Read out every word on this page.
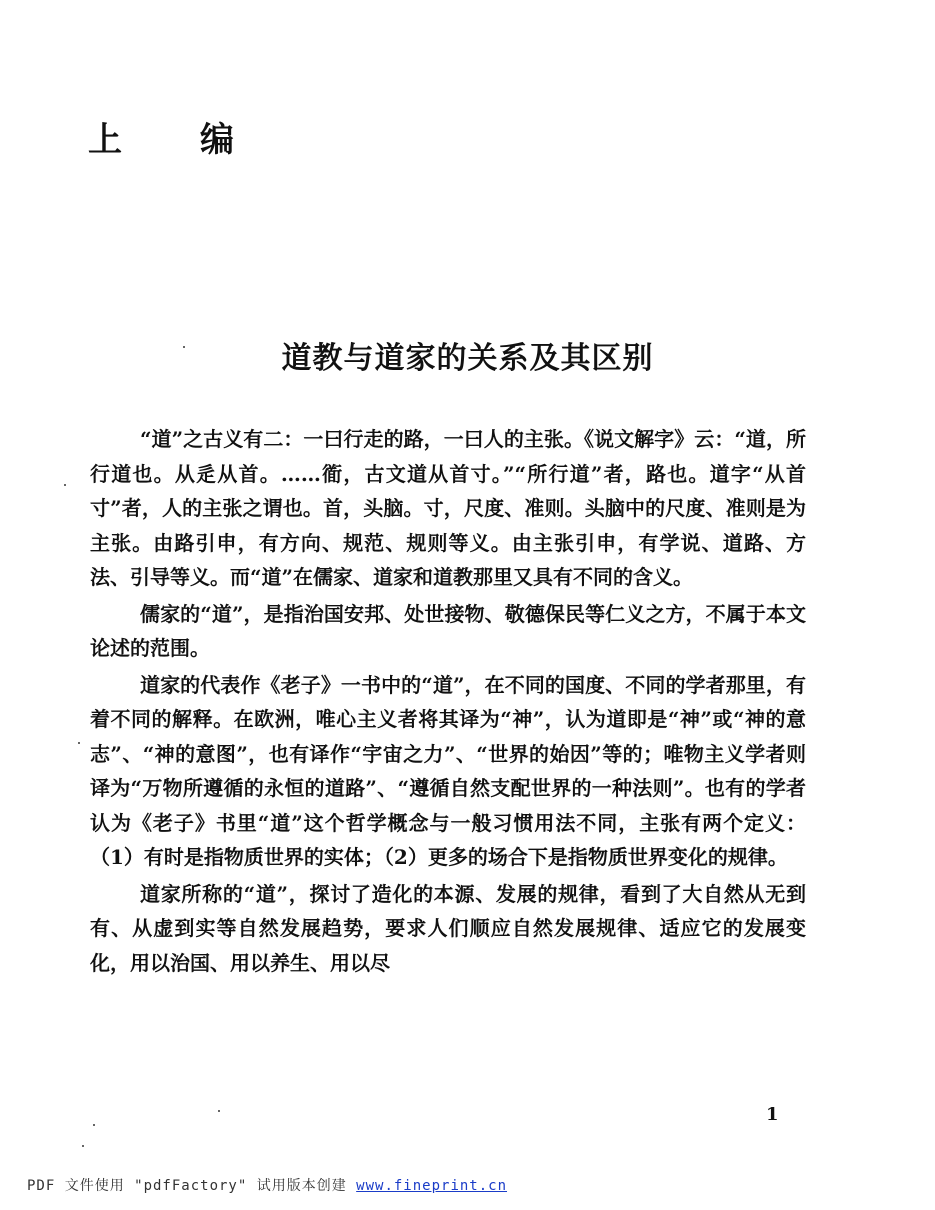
上 编
道教与道家的关系及其区别

“道”之古义有二：一曰行走的路，一曰人的主张。《说文解字》云：“道，所行道也。从辵从首。……衜，古文道从首寸。”“所行道”者，路也。道字“从首寸”者，人的主张之谓也。首，头脑。寸，尺度、准则。头脑中的尺度、准则是为主张。由路引申，有方向、规范、规则等义。由主张引申，有学说、道路、方法、引导等义。而“道”在儒家、道家和道教那里又具有不同的含义。

儒家的“道”，是指治国安邦、处世接物、敬德保民等仁义之方，不属于本文论述的范围。

道家的代表作《老子》一书中的“道”，在不同的国度、不同的学者那里，有着不同的解释。在欧洲，唯心主义者将其译为“神”，认为道即是“神”或“神的意志”、“神的意图”，也有译作“宇宙之力”、“世界的始因”等的；唯物主义学者则译为“万物所遵循的永恒的道路”、“遵循自然支配世界的一种法则”。也有的学者认为《老子》书里“道”这个哲学概念与一般习惯用法不同，主张有两个定义：（1）有时是指物质世界的实体；（2）更多的场合下是指物质世界变化的规律。

道家所称的“道”，探讨了造化的本源、发展的规律，看到了大自然从无到有、从虚到实等自然发展趋势，要求人们顺应自然发展规律、适应它的发展变化，用以治国、用以养生、用以尽

1
PDF 文件使用 "pdfFactory" 试用版本创建 www.fineprint.cn
